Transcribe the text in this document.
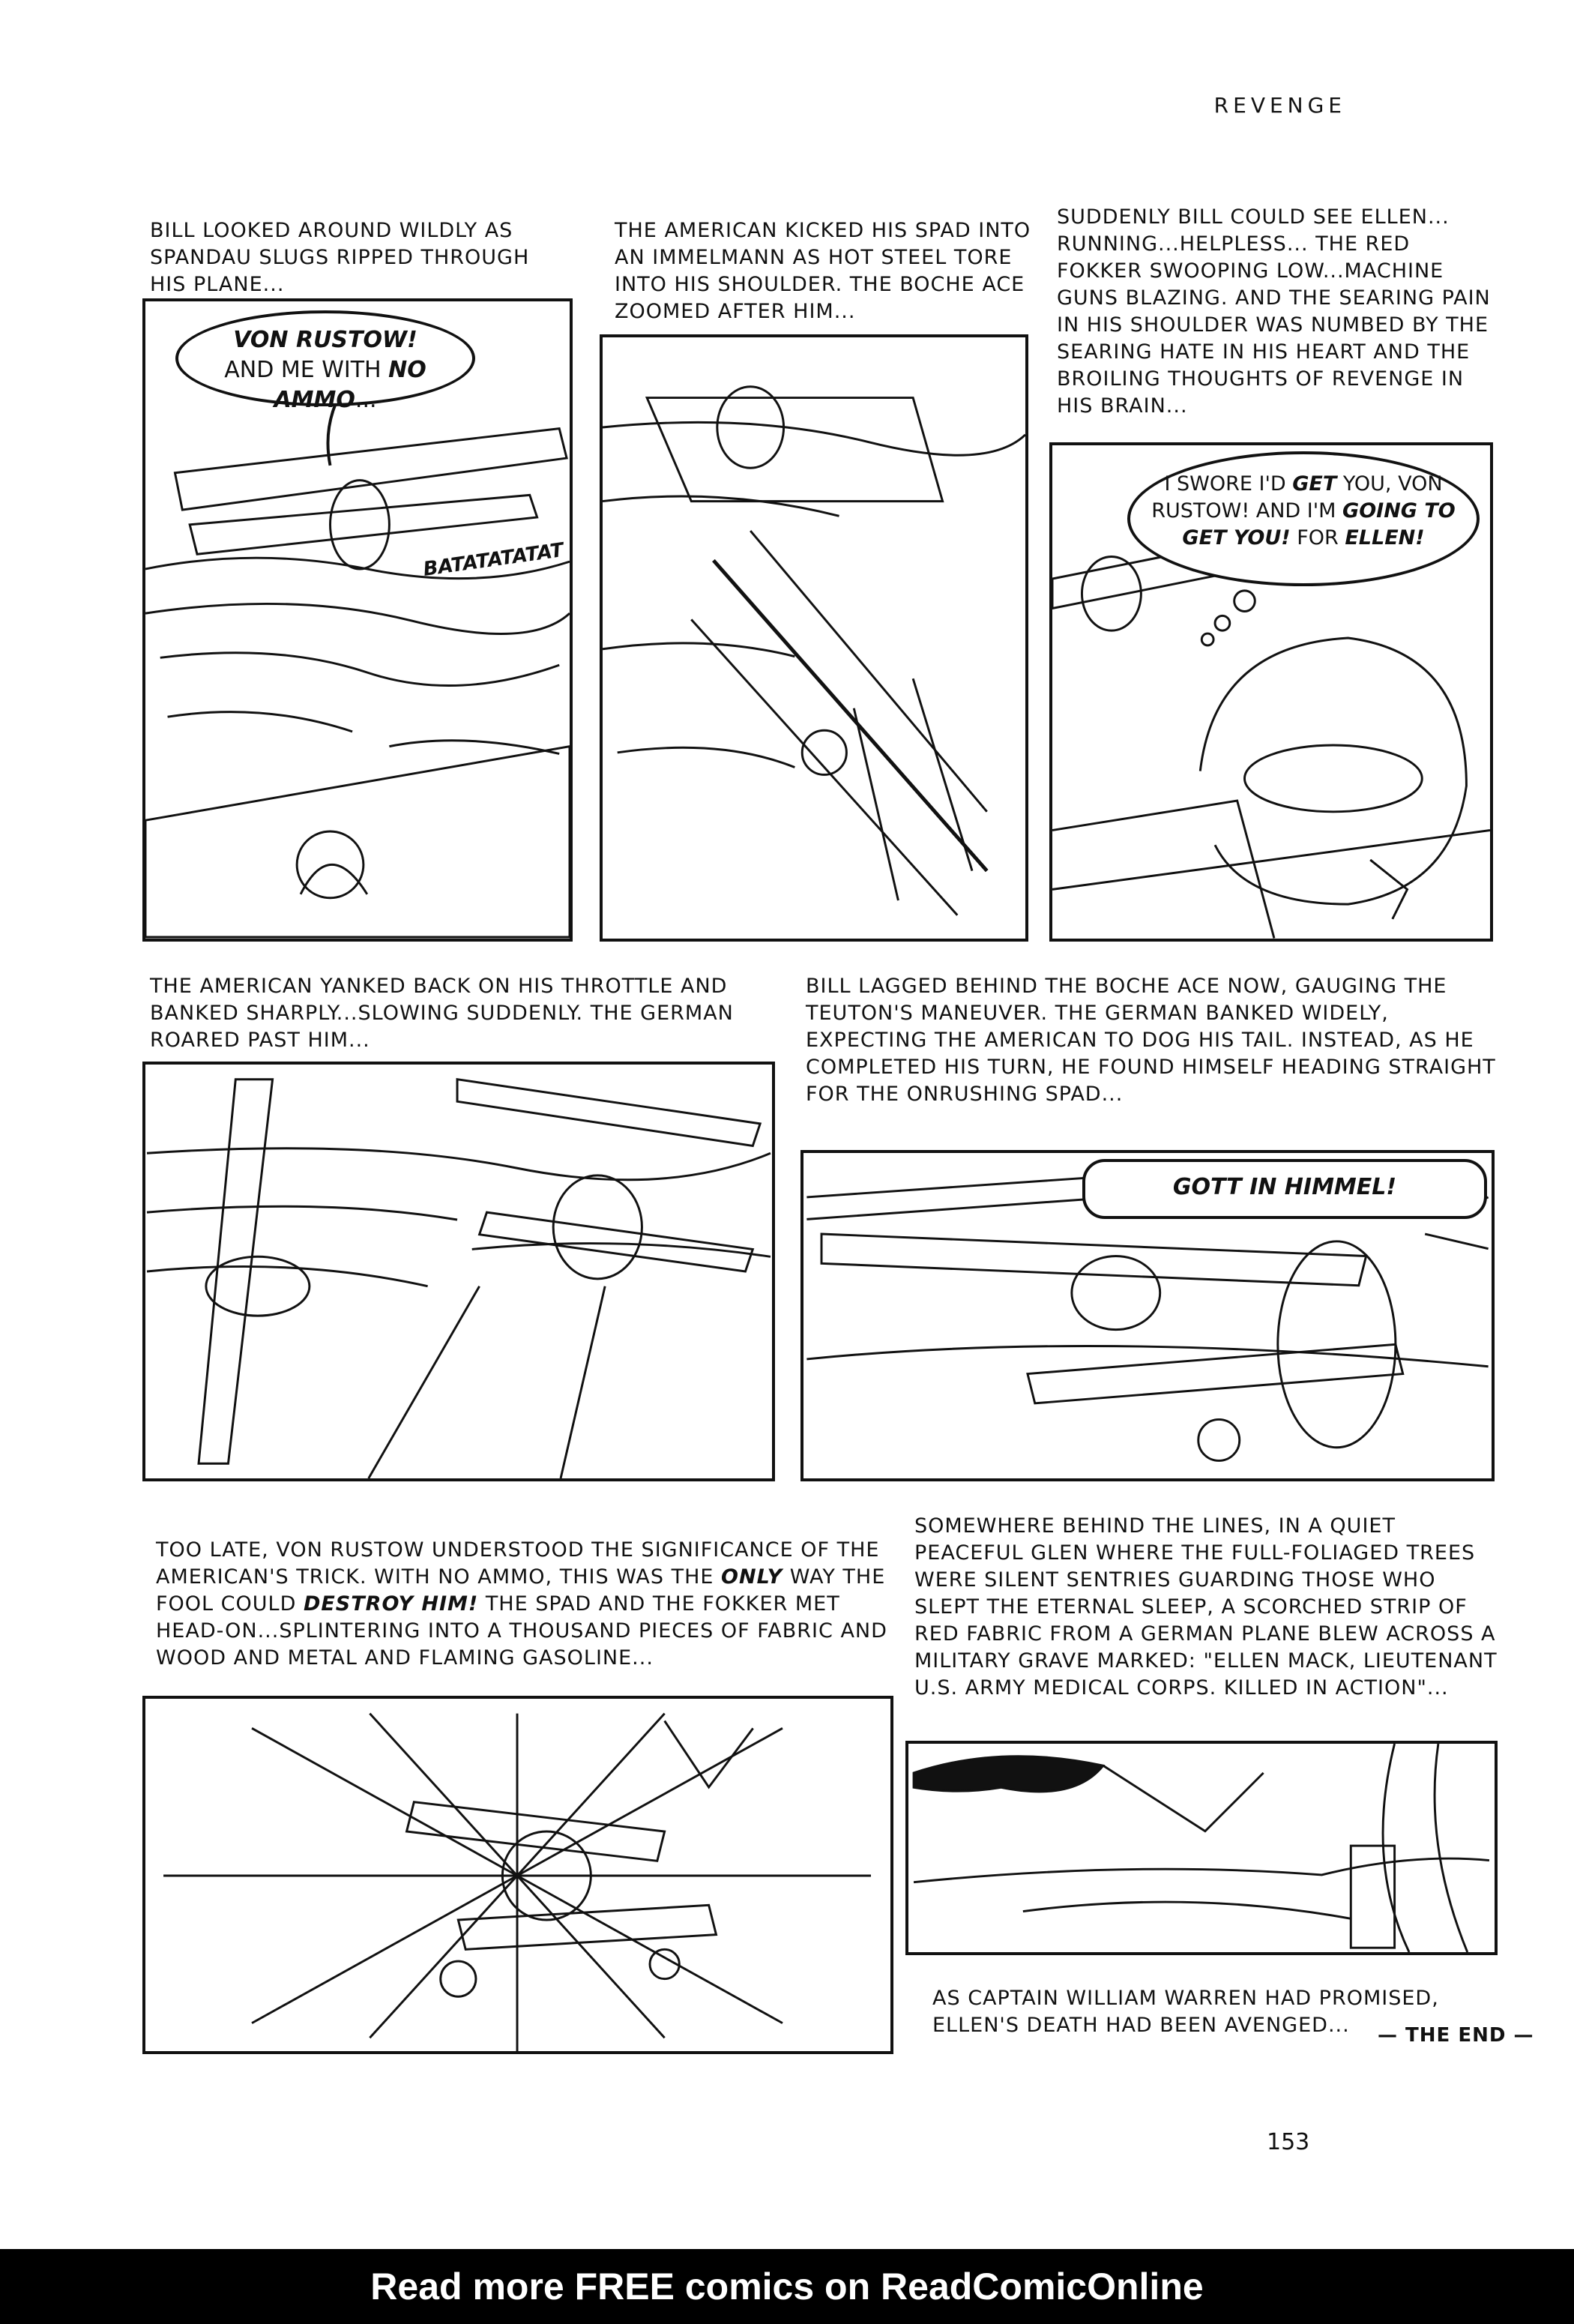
REVENGE

BILL LOOKED AROUND WILDLY AS SPANDAU SLUGS RIPPED THROUGH HIS PLANE...

VON RUSTOW!
AND ME WITH NO AMMO...
BATATATATAT

THE AMERICAN KICKED HIS SPAD INTO AN IMMELMANN AS HOT STEEL TORE INTO HIS SHOULDER. THE BOCHE ACE ZOOMED AFTER HIM...

SUDDENLY BILL COULD SEE ELLEN... RUNNING...HELPLESS... THE RED FOKKER SWOOPING LOW...MACHINE GUNS BLAZING. AND THE SEARING PAIN IN HIS SHOULDER WAS NUMBED BY THE SEARING HATE IN HIS HEART AND THE BROILING THOUGHTS OF REVENGE IN HIS BRAIN...

I SWORE I'D GET YOU, VON RUSTOW! AND I'M GOING TO GET YOU! FOR ELLEN!

THE AMERICAN YANKED BACK ON HIS THROTTLE AND BANKED SHARPLY...SLOWING SUDDENLY. THE GERMAN ROARED PAST HIM...

BILL LAGGED BEHIND THE BOCHE ACE NOW, GAUGING THE TEUTON'S MANEUVER. THE GERMAN BANKED WIDELY, EXPECTING THE AMERICAN TO DOG HIS TAIL. INSTEAD, AS HE COMPLETED HIS TURN, HE FOUND HIMSELF HEADING STRAIGHT FOR THE ONRUSHING SPAD...

GOTT IN HIMMEL!

TOO LATE, VON RUSTOW UNDERSTOOD THE SIGNIFICANCE OF THE AMERICAN'S TRICK. WITH NO AMMO, THIS WAS THE ONLY WAY THE FOOL COULD DESTROY HIM! THE SPAD AND THE FOKKER MET HEAD-ON...SPLINTERING INTO A THOUSAND PIECES OF FABRIC AND WOOD AND METAL AND FLAMING GASOLINE...

SOMEWHERE BEHIND THE LINES, IN A QUIET PEACEFUL GLEN WHERE THE FULL-FOLIAGED TREES WERE SILENT SENTRIES GUARDING THOSE WHO SLEPT THE ETERNAL SLEEP, A SCORCHED STRIP OF RED FABRIC FROM A GERMAN PLANE BLEW ACROSS A MILITARY GRAVE MARKED: "ELLEN MACK, LIEUTENANT U.S. ARMY MEDICAL CORPS. KILLED IN ACTION"...

AS CAPTAIN WILLIAM WARREN HAD PROMISED, ELLEN'S DEATH HAD BEEN AVENGED...	— THE END —
153
Read more FREE comics on ReadComicOnline
